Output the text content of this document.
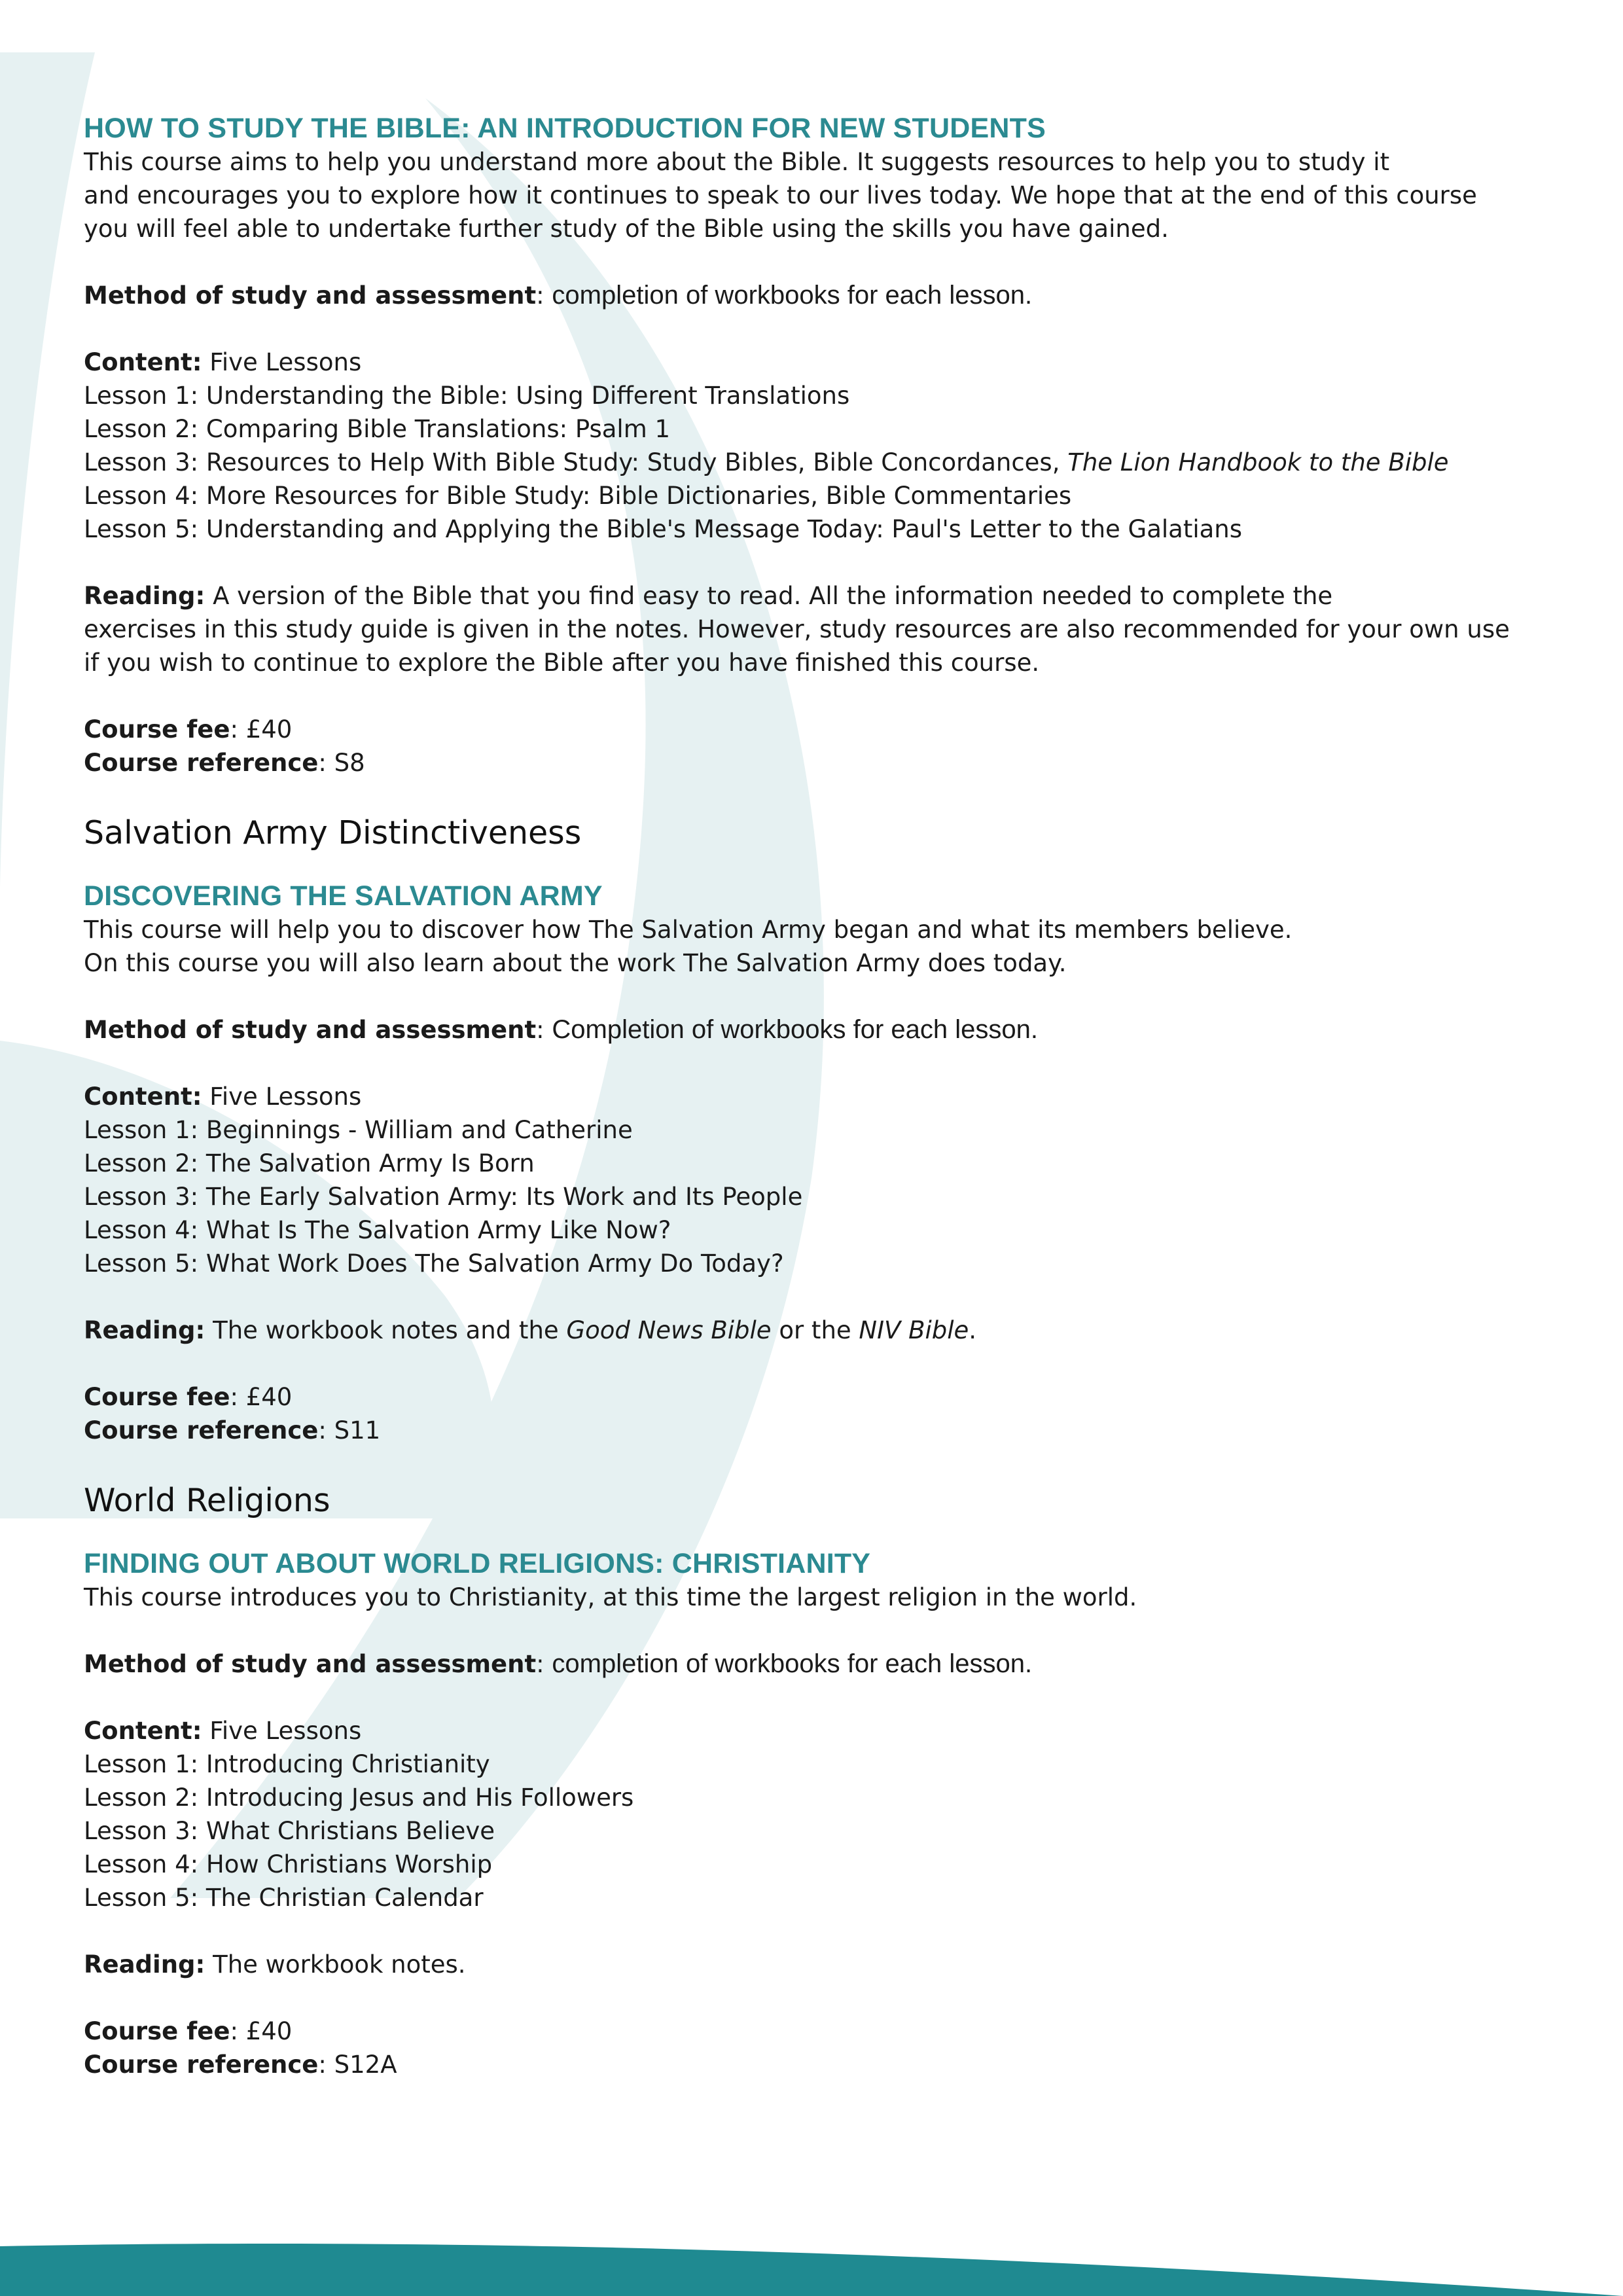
HOW TO STUDY THE BIBLE: AN INTRODUCTION FOR NEW STUDENTS
This course aims to help you understand more about the Bible. It suggests resources to help you to study it
and encourages you to explore how it continues to speak to our lives today. We hope that at the end of this course
you will feel able to undertake further study of the Bible using the skills you have gained.

Method of study and assessment: completion of workbooks for each lesson.

Content: Five Lessons
Lesson 1: Understanding the Bible: Using Different Translations
Lesson 2: Comparing Bible Translations: Psalm 1
Lesson 3: Resources to Help With Bible Study: Study Bibles, Bible Concordances, The Lion Handbook to the Bible
Lesson 4: More Resources for Bible Study: Bible Dictionaries, Bible Commentaries
Lesson 5: Understanding and Applying the Bible's Message Today: Paul's Letter to the Galatians
Reading: A version of the Bible that you find easy to read. All the information needed to complete the
exercises in this study guide is given in the notes. However, study resources are also recommended for your own use
if you wish to continue to explore the Bible after you have finished this course.
Course fee: £40
Course reference: S8
Salvation Army Distinctiveness
DISCOVERING THE SALVATION ARMY
This course will help you to discover how The Salvation Army began and what its members believe.
On this course you will also learn about the work The Salvation Army does today.

Method of study and assessment: Completion of workbooks for each lesson.

Content: Five Lessons
Lesson 1: Beginnings - William and Catherine
Lesson 2: The Salvation Army Is Born
Lesson 3: The Early Salvation Army: Its Work and Its People
Lesson 4: What Is The Salvation Army Like Now?
Lesson 5: What Work Does The Salvation Army Do Today?

Reading: The workbook notes and the Good News Bible or the NIV Bible.

Course fee: £40
Course reference: S11
World Religions
FINDING OUT ABOUT WORLD RELIGIONS: CHRISTIANITY
This course introduces you to Christianity, at this time the largest religion in the world.

Method of study and assessment: completion of workbooks for each lesson.

Content: Five Lessons
Lesson 1: Introducing Christianity
Lesson 2: Introducing Jesus and His Followers
Lesson 3: What Christians Believe
Lesson 4: How Christians Worship
Lesson 5: The Christian Calendar

Reading: The workbook notes.

Course fee: £40
Course reference: S12A
